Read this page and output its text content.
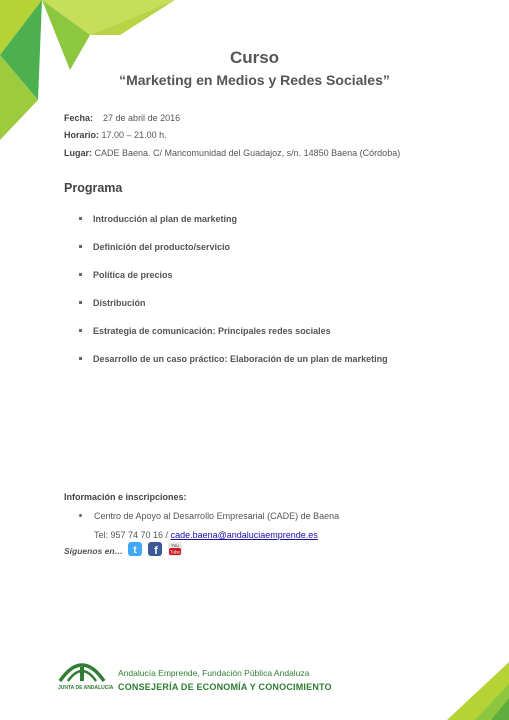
Curso
“Marketing en Medios y Redes Sociales”
Fecha: 27 de abril de 2016
Horario: 17.00 – 21.00 h.
Lugar: CADE Baena. C/ Mancomunidad del Guadajoz, s/n. 14850 Baena (Córdoba)
Programa
Introducción al plan de marketing
Definición del producto/servicio
Política de precios
Distribución
Estrategia de comunicación: Principales redes sociales
Desarrollo de un caso práctico: Elaboración de un plan de marketing
Información e inscripciones:
Centro de Apoyo al Desarrollo Empresarial (CADE) de Baena
Tel: 957 74 70 16 / cade.baena@andaluciaemprende.es
Síguenos en… t f	You
Tube
JUNTA DE ANDALUCIA
Andalucía Emprende, Fundación Pública Andaluza
CONSEJERÍA DE ECONOMÍA Y CONOCIMIENTO
